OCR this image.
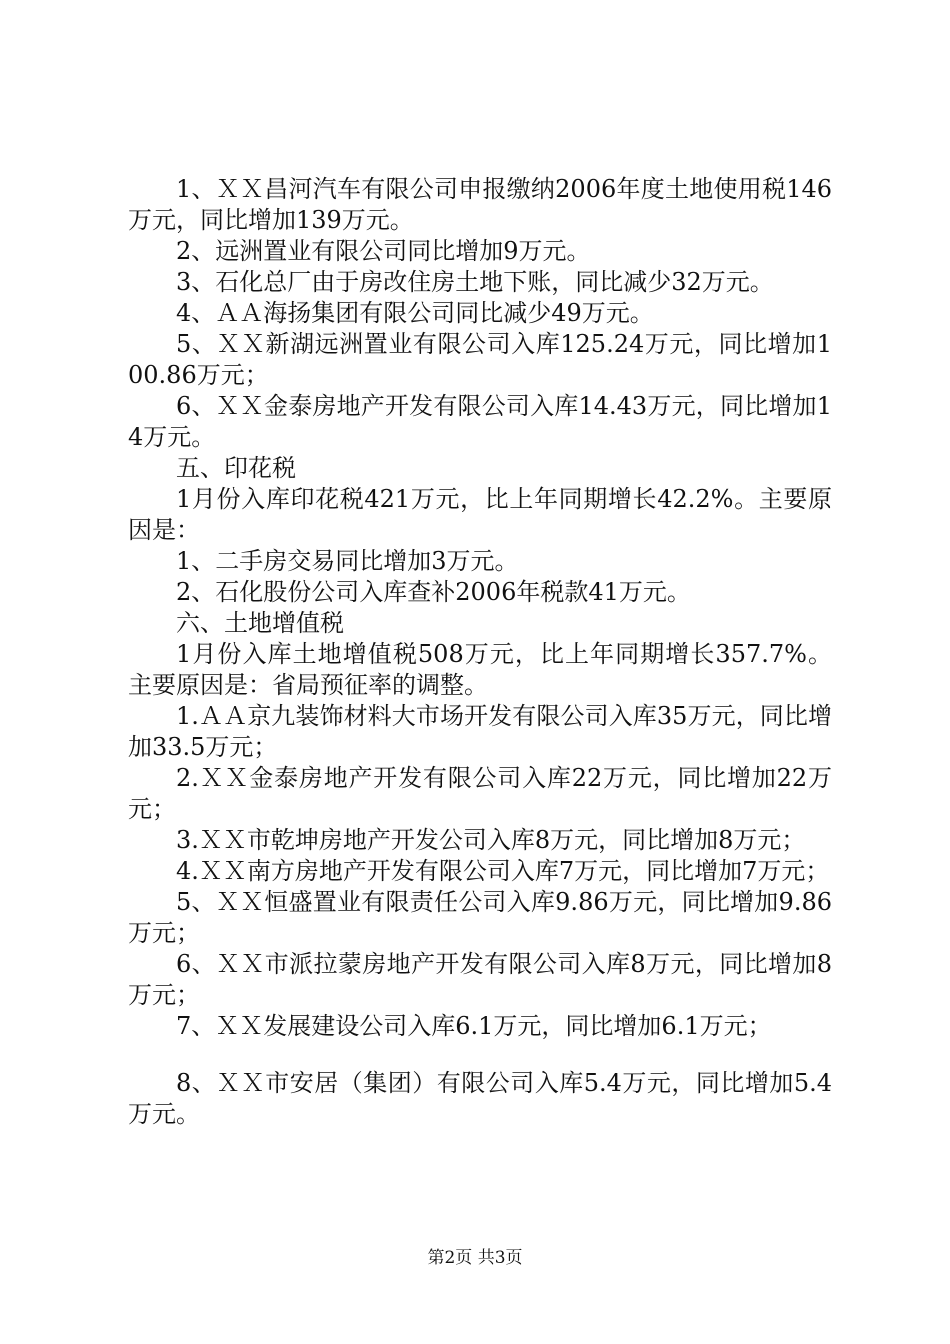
1、ＸＸ昌河汽车有限公司申报缴纳2006年度土地使用税146万元，同比增加139万元。

2、远洲置业有限公司同比增加9万元。

3、石化总厂由于房改住房土地下账，同比减少32万元。

4、ＡＡ海扬集团有限公司同比减少49万元。

5、ＸＸ新湖远洲置业有限公司入库125.24万元，同比增加100.86万元；

6、ＸＸ金泰房地产开发有限公司入库14.43万元，同比增加14万元。

五、印花税

1月份入库印花税421万元，比上年同期增长42.2%。主要原因是：

1、二手房交易同比增加3万元。

2、石化股份公司入库查补2006年税款41万元。

六、土地增值税

1月份入库土地增值税508万元，比上年同期增长357.7%。主要原因是：省局预征率的调整。

1.ＡＡ京九装饰材料大市场开发有限公司入库35万元，同比增加33.5万元；

2.ＸＸ金泰房地产开发有限公司入库22万元，同比增加22万元；

3.ＸＸ市乾坤房地产开发公司入库8万元，同比增加8万元；

4.ＸＸ南方房地产开发有限公司入库7万元，同比增加7万元；

5、ＸＸ恒盛置业有限责任公司入库9.86万元，同比增加9.86万元；

6、ＸＸ市派拉蒙房地产开发有限公司入库8万元，同比增加8万元；

7、ＸＸ发展建设公司入库6.1万元，同比增加6.1万元；

8、ＸＸ市安居（集团）有限公司入库5.4万元，同比增加5.4万元。

第2页 共3页
